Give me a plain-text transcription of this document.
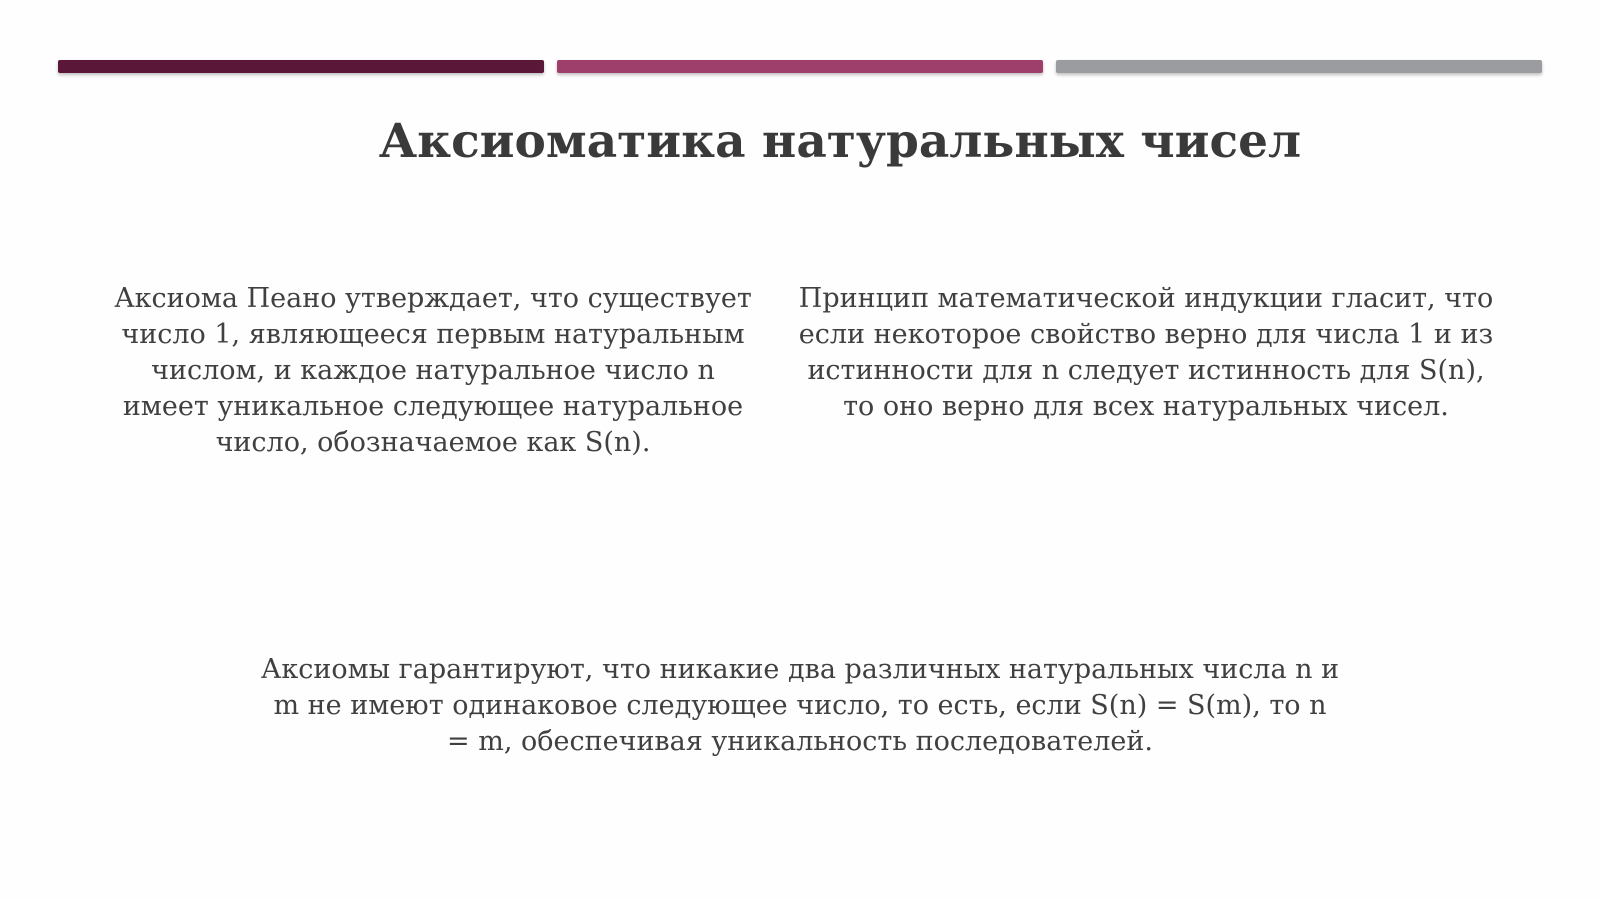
Аксиоматика натуральных чисел

Аксиома Пеано утверждает, что существует число 1, являющееся первым натуральным числом, и каждое натуральное число n имеет уникальное следующее натуральное число, обозначаемое как S(n).

Принцип математической индукции гласит, что если некоторое свойство верно для числа 1 и из истинности для n следует истинность для S(n), то оно верно для всех натуральных чисел.

Аксиомы гарантируют, что никакие два различных натуральных числа n и m не имеют одинаковое следующее число, то есть, если S(n) = S(m), то n = m, обеспечивая уникальность последователей.
